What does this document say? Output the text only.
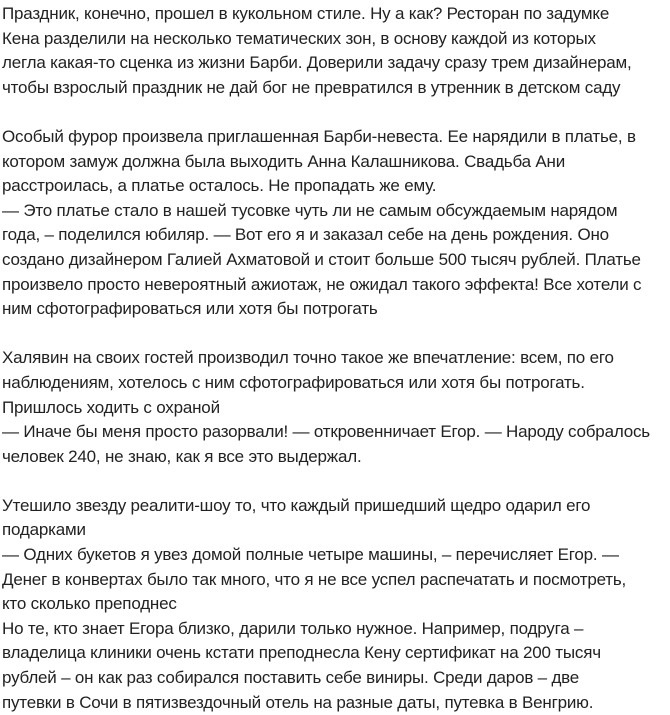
Праздник, конечно, прошел в кукольном стиле. Ну а как? Ресторан по задумке
Кена разделили на несколько тематических зон, в основу каждой из которых
легла какая-то сценка из жизни Барби. Доверили задачу сразу трем дизайнерам,
чтобы взрослый праздник не дай бог не превратился в утренник в детском саду
Особый фурор произвела приглашенная Барби-невеста. Ее нарядили в платье, в
котором замуж должна была выходить Анна Калашникова. Свадьба Ани
расстроилась, а платье осталось. Не пропадать же ему.
— Это платье стало в нашей тусовке чуть ли не самым обсуждаемым нарядом
года, – поделился юбиляр. — Вот его я и заказал себе на день рождения. Оно
создано дизайнером Галией Ахматовой и стоит больше 500 тысяч рублей. Платье
произвело просто невероятный ажиотаж, не ожидал такого эффекта! Все хотели с
ним сфотографироваться или хотя бы потрогать
Халявин на своих гостей производил точно такое же впечатление: всем, по его
наблюдениям, хотелось с ним сфотографироваться или хотя бы потрогать.
Пришлось ходить с охраной
— Иначе бы меня просто разорвали! — откровенничает Егор. — Народу собралось
человек 240, не знаю, как я все это выдержал.
Утешило звезду реалити-шоу то, что каждый пришедший щедро одарил его
подарками
— Одних букетов я увез домой полные четыре машины, – перечисляет Егор. —
Денег в конвертах было так много, что я не все успел распечатать и посмотреть,
кто сколько преподнес
Но те, кто знает Егора близко, дарили только нужное. Например, подруга –
владелица клиники очень кстати преподнесла Кену сертификат на 200 тысяч
рублей – он как раз собирался поставить себе виниры. Среди даров – две
путевки в Сочи в пятизвездочный отель на разные даты, путевка в Венгрию.
